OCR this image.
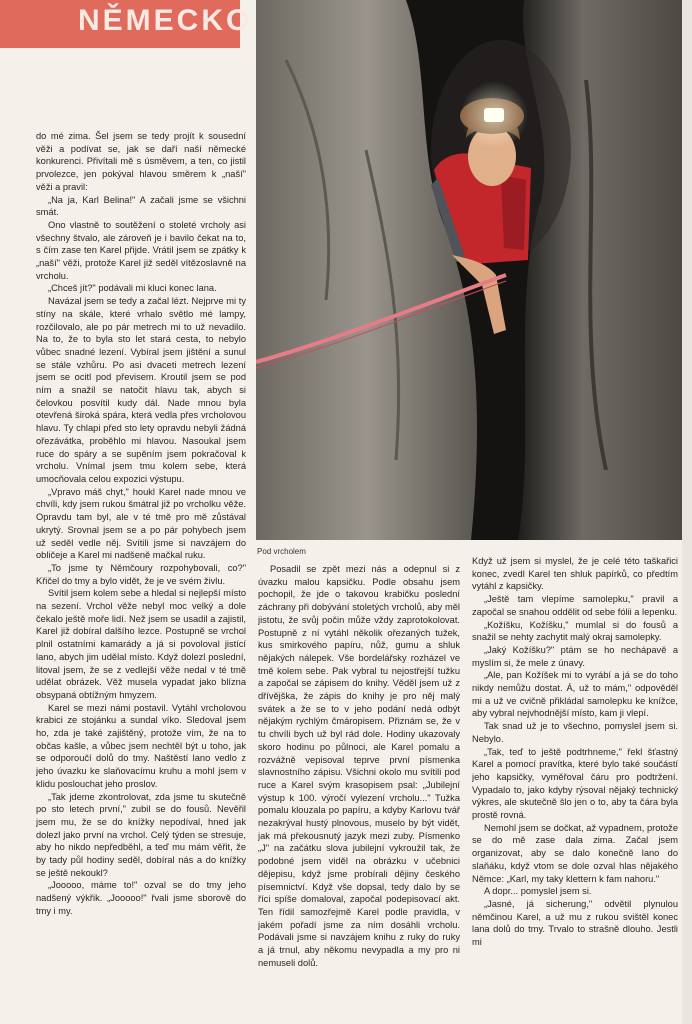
NĚMECKO

do mé zima. Šel jsem se tedy projít k sousední věži a podívat se, jak se daří naší německé konkurenci. Přivítali mě s úsměvem, a ten, co jistil prvolezce, jen pokýval hlavou směrem k „naší" věži a pravil:

„Na ja, Karl Belina!" A začali jsme se všichni smát.

Ono vlastně to soutěžení o stoleté vrcholy asi všechny štvalo, ale zároveň je i bavilo čekat na to, s čím zase ten Karel přijde. Vrátil jsem se zpátky k „naší" věži, protože Karel již seděl vítězoslavně na vrcholu.

„Chceš jít?" podávali mi kluci konec lana.

Navázal jsem se tedy a začal lézt. Nejprve mi ty stíny na skále, které vrhalo světlo mé lampy, rozčilovalo, ale po pár metrech mi to už nevadilo. Na to, že to byla sto let stará cesta, to nebylo vůbec snadné lezení. Vybíral jsem jištění a sunul se stále vzhůru. Po asi dvaceti metrech lezení jsem se ocitl pod převisem. Kroutil jsem se pod ním a snažil se natočit hlavu tak, abych si čelovkou posvítil kudy dál. Nade mnou byla otevřená široká spára, která vedla přes vrcholovou hlavu. Ty chlapi před sto lety opravdu nebyli žádná ořezávátka, proběhlo mi hlavou. Nasoukal jsem ruce do spáry a se supěním jsem pokračoval k vrcholu. Vnímal jsem tmu kolem sebe, která umocňovala celou expozici výstupu.

„Vpravo máš chyt," houkl Karel nade mnou ve chvíli, kdy jsem rukou šmátral již po vrcholku věže. Opravdu tam byl, ale v té tmě pro mě zůstával ukrytý. Srovnal jsem se a po pár pohybech jsem už seděl vedle něj. Svítili jsme si navzájem do obličeje a Karel mi nadšeně mačkal ruku.

„To jsme ty Němčoury rozpohybovali, co?" Křičel do tmy a bylo vidět, že je ve svém živlu.

Svítil jsem kolem sebe a hledal si nejlepší místo na sezení. Vrchol věže nebyl moc velký a dole čekalo ještě moře lidí. Než jsem se usadil a zajistil, Karel již dobíral dalšího lezce. Postupně se vrchol plnil ostatními kamarády a já si povoloval jistící lano, abych jim udělal místo. Když dolezl poslední, litoval jsem, že se z vedlejší věže nedal v té tmě udělat obrázek. Věž musela vypadat jako blízna obsypaná obtížným hmyzem.

Karel se mezi námi postavil. Vytáhl vrcholovou krabici ze stojánku a sundal víko. Sledoval jsem ho, zda je také zajištěný, protože vím, že na to občas kašle, a vůbec jsem nechtěl být u toho, jak se odporoučí dolů do tmy. Naštěstí lano vedlo z jeho úvazku ke slaňovacímu kruhu a mohl jsem v klidu poslouchat jeho proslov.

„Tak jdeme zkontrolovat, zda jsme tu skutečně po sto letech první," zubil se do fousů. Nevěřil jsem mu, že se do knížky nepodíval, hned jak dolezl jako první na vrchol. Celý týden se stresuje, aby ho nikdo nepředběhl, a teď mu mám věřit, že by tady půl hodiny seděl, dobíral nás a do knížky se ještě nekoukl?

„Jooooo, máme to!" ozval se do tmy jeho nadšený výkřik. „Jooooo!" řvali jsme sborově do tmy i my.

Pod vrcholem

Posadil se zpět mezi nás a odepnul si z úvazku malou kapsičku. Podle obsahu jsem pochopil, že jde o takovou krabičku poslední záchrany při dobývání stoletých vrcholů, aby měl jistotu, že svůj počin může vždy zaprotokolovat. Postupně z ní vytáhl několik ořezaných tužek, kus smirkového papíru, nůž, gumu a shluk nějakých nálepek. Vše bordelářsky rozházel ve tmě kolem sebe. Pak vybral tu nejostřejší tužku a započal se zápisem do knihy. Věděl jsem už z dřívějška, že zápis do knihy je pro něj malý svátek a že se to v jeho podání nedá odbýt nějakým rychlým čmáropisem. Přiznám se, že v tu chvíli bych už byl rád dole. Hodiny ukazovaly skoro hodinu po půlnoci, ale Karel pomalu a rozvážně vepisoval teprve první písmenka slavnostního zápisu. Všichni okolo mu svítili pod ruce a Karel svým krasopisem psal: „Jubilejní výstup k 100. výročí vylezení vrcholu..." Tužka pomalu klouzala po papíru, a kdyby Karlovu tvář nezakrýval hustý plnovous, muselo by být vidět, jak má překousnutý jazyk mezi zuby. Písmenko „J" na začátku slova jubilejní vykroužil tak, že podobné jsem viděl na obrázku v učebnici dějepisu, když jsme probírali dějiny českého písemnictví. Když vše dopsal, tedy dalo by se říci spíše domaloval, započal podepisovací akt. Ten řídil samozřejmě Karel podle pravidla, v jakém pořadí jsme za ním dosáhli vrcholu. Podávali jsme si navzájem knihu z ruky do ruky a já trnul, aby někomu nevypadla a my pro ni nemuseli dolů.

Když už jsem si myslel, že je celé této taškařici konec, zvedl Karel ten shluk papírků, co předtím vytáhl z kapsičky.

„Ještě tam vlepíme samolepku," pravil a započal se snahou oddělit od sebe fólii a lepenku.

„Kožíšku, Kožíšku," mumlal si do fousů a snažil se nehty zachytit malý okraj samolepky.

„Jaký Kožíšku?" ptám se ho nechápavě a myslím si, že mele z únavy.

„Ale, pan Kožíšek mi to vyrábí a já se do toho nikdy nemůžu dostat. Á, už to mám," odpověděl mi a už ve cvičně přikládal samolepku ke knížce, aby vybral nejvhodnější místo, kam ji vlepí.

Tak snad už je to všechno, pomyslel jsem si. Nebylo.

„Tak, teď to ještě podtrhneme," řekl šťastný Karel a pomocí pravítka, které bylo také součástí jeho kapsičky, vyměřoval čáru pro podtržení. Vypadalo to, jako kdyby rýsoval nějaký technický výkres, ale skutečně šlo jen o to, aby ta čára byla prostě rovná.

Nemohl jsem se dočkat, až vypadnem, protože se do mě zase dala zima. Začal jsem organizovat, aby se dalo konečně lano do slaňáku, když vtom se dole ozval hlas nějakého Němce: „Karl, my taky klettern k fam nahoru."

A dopr... pomyslel jsem si.

„Jasné, já sicherung," odvětil plynulou němčinou Karel, a už mu z rukou svištěl konec lana dolů do tmy. Trvalo to strašně dlouho. Jestli mi
